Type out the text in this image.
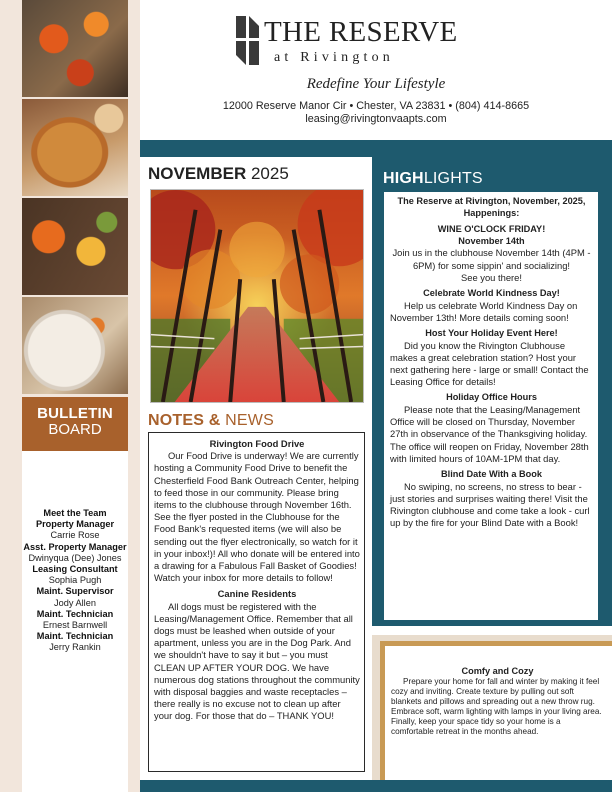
BULLETIN
BOARD
Meet the Team
Property Manager
Carrie Rose
Asst. Property Manager
Dwinyqua (Dee) Jones
Leasing Consultant
Sophia Pugh
Maint. Supervisor
Jody Allen
Maint. Technician
Ernest Barnwell
Maint. Technician
Jerry Rankin
THE RESERVE
at Rivington
Redefine Your Lifestyle
12000 Reserve Manor Cir • Chester, VA 23831 • (804) 414-8665
leasing@rivingtonvaapts.com
NOVEMBER 2025
NOTES & NEWS
Rivington Food Drive

Our Food Drive is underway! We are currently hosting a Community Food Drive to benefit the Chesterfield Food Bank Outreach Center, helping to feed those in our community. Please bring items to the clubhouse through November 16th. See the flyer posted in the Clubhouse for the Food Bank's requested items (we will also be sending out the flyer electronically, so watch for it in your inbox!)! All who donate will be entered into a drawing for a Fabulous Fall Basket of Goodies! Watch your inbox for more details to follow!

Canine Residents

All dogs must be registered with the Leasing/Management Office. Remember that all dogs must be leashed when outside of your apartment, unless you are in the Dog Park. And we shouldn't have to say it but – you must CLEAN UP AFTER YOUR DOG. We have numerous dog stations throughout the community with disposal baggies and waste receptacles – there really is no excuse not to clean up after your dog. For those that do – THANK YOU!

HIGHLIGHTS
The Reserve at Rivington, November, 2025, Happenings:
WINE O'CLOCK FRIDAY!
November 14th
Join us in the clubhouse November 14th (4PM - 6PM) for some sippin' and socializing!
See you there!
Celebrate World Kindness Day!

Help us celebrate World Kindness Day on November 13th! More details coming soon!

Host Your Holiday Event Here!

Did you know the Rivington Clubhouse makes a great celebration station? Host your next gathering here - large or small! Contact the Leasing Office for details!

Holiday Office Hours

Please note that the Leasing/Management Office will be closed on Thursday, November 27th in observance of the Thanksgiving holiday. The office will reopen on Friday, November 28th with limited hours of 10AM-1PM that day.

Blind Date With a Book

No swiping, no screens, no stress to bear - just stories and surprises waiting there! Visit the Rivington clubhouse and come take a look - curl up by the fire for your Blind Date with a Book!

Comfy and Cozy

Prepare your home for fall and winter by making it feel cozy and inviting. Create texture by pulling out soft blankets and pillows and spreading out a new throw rug. Embrace soft, warm lighting with lamps in your living area. Finally, keep your space tidy so your home is a comfortable retreat in the months ahead.
